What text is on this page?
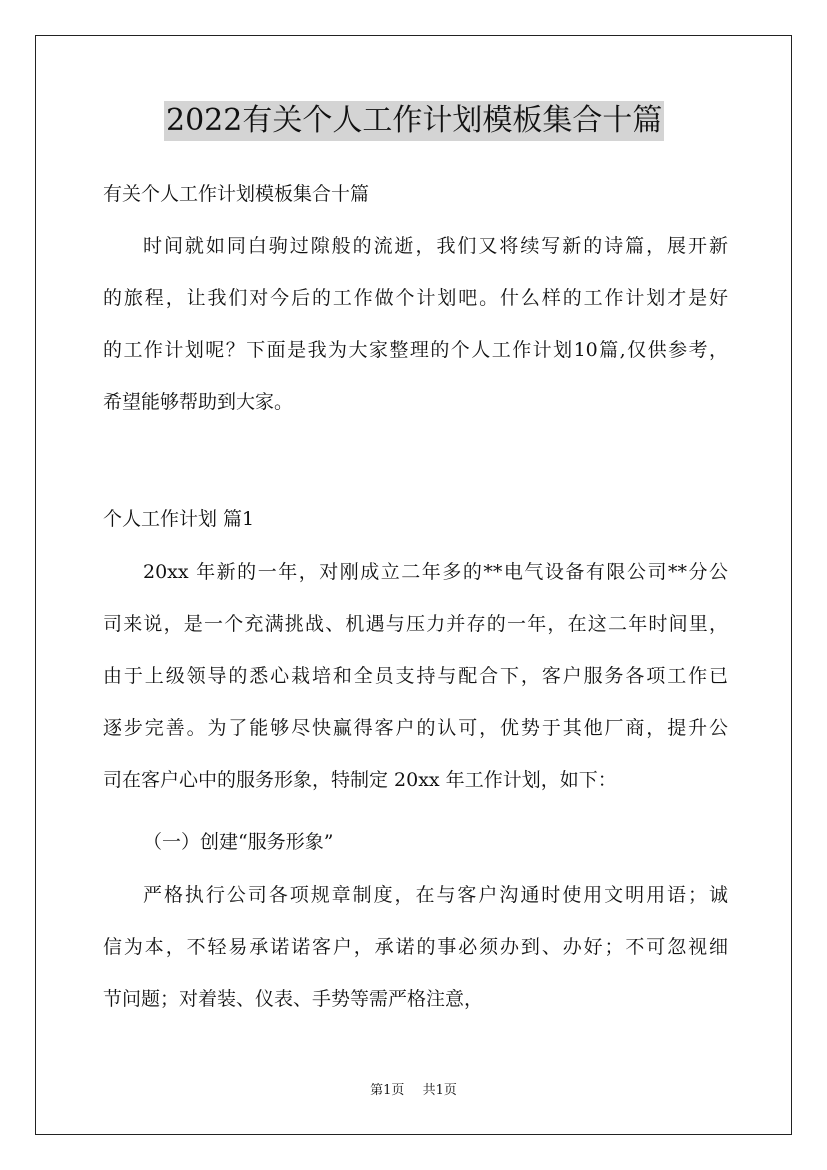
2022有关个人工作计划模板集合十篇

有关个人工作计划模板集合十篇

时间就如同白驹过隙般的流逝，我们又将续写新的诗篇，展开新

的旅程，让我们对今后的工作做个计划吧。什么样的工作计划才是好

的工作计划呢？下面是我为大家整理的个人工作计划10篇,仅供参考，

希望能够帮助到大家。

个人工作计划 篇1

20xx 年新的一年，对刚成立二年多的**电气设备有限公司**分公

司来说，是一个充满挑战、机遇与压力并存的一年，在这二年时间里，

由于上级领导的悉心栽培和全员支持与配合下，客户服务各项工作已

逐步完善。为了能够尽快赢得客户的认可，优势于其他厂商，提升公

司在客户心中的服务形象，特制定 20xx 年工作计划，如下：

（一）创建“服务形象”

严格执行公司各项规章制度，在与客户沟通时使用文明用语；诚

信为本，不轻易承诺诺客户，承诺的事必须办到、办好；不可忽视细

节问题；对着装、仪表、手势等需严格注意，

第1页 共1页
